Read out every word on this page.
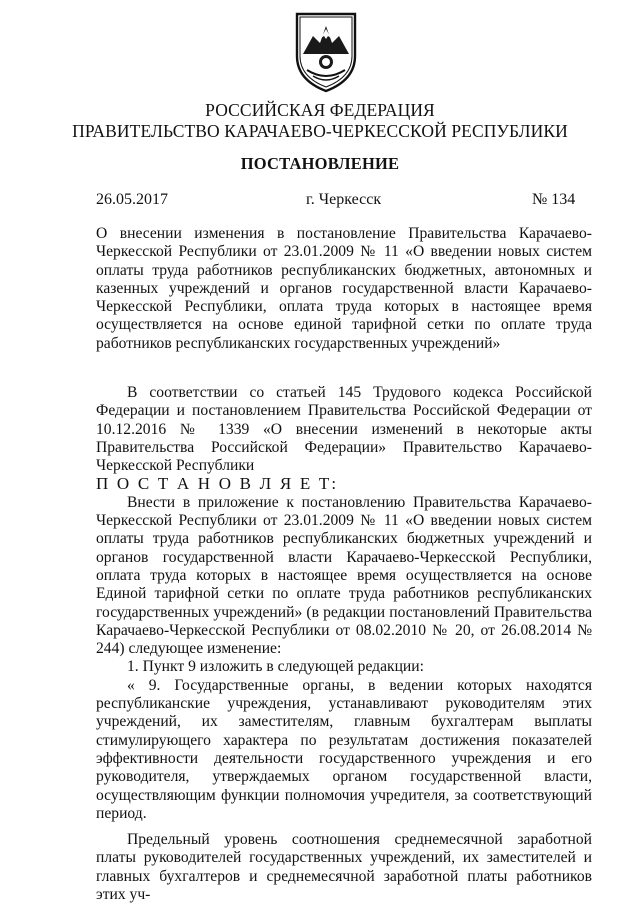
РОССИЙСКАЯ ФЕДЕРАЦИЯ
ПРАВИТЕЛЬСТВО КАРАЧАЕВО-ЧЕРКЕССКОЙ РЕСПУБЛИКИ
ПОСТАНОВЛЕНИЕ
26.05.2017	г. Черкесск	№ 134

О внесении изменения в постановление Правительства Карачаево-Черкесской Республики от 23.01.2009 № 11 «О введении новых систем оплаты труда работников республиканских бюджетных, автономных и казенных учреждений и органов государственной власти Карачаево-Черкесской Республики, оплата труда которых в настоящее время осуществляется на основе единой тарифной сетки по оплате труда работников республиканских государственных учреждений»

В соответствии со статьей 145 Трудового кодекса Российской Федерации и постановлением Правительства Российской Федерации от 10.12.2016 № 1339 «О внесении изменений в некоторые акты Правительства Российской Федерации» Правительство Карачаево-Черкесской Республики

П О С Т А Н О В Л Я Е Т:

Внести в приложение к постановлению Правительства Карачаево-Черкесской Республики от 23.01.2009 № 11 «О введении новых систем оплаты труда работников республиканских бюджетных учреждений и органов государственной власти Карачаево-Черкесской Республики, оплата труда которых в настоящее время осуществляется на основе Единой тарифной сетки по оплате труда работников республиканских государственных учреждений» (в редакции постановлений Правительства Карачаево-Черкесской Республики от 08.02.2010 № 20, от 26.08.2014 № 244) следующее изменение:

1. Пункт 9 изложить в следующей редакции:

« 9. Государственные органы, в ведении которых находятся республиканские учреждения, устанавливают руководителям этих учреждений, их заместителям, главным бухгалтерам выплаты стимулирующего характера по результатам достижения показателей эффективности деятельности государственного учреждения и его руководителя, утверждаемых органом государственной власти, осуществляющим функции полномочия учредителя, за соответствующий период.

Предельный уровень соотношения среднемесячной заработной платы руководителей государственных учреждений, их заместителей и главных бухгалтеров и среднемесячной заработной платы работников этих уч-
